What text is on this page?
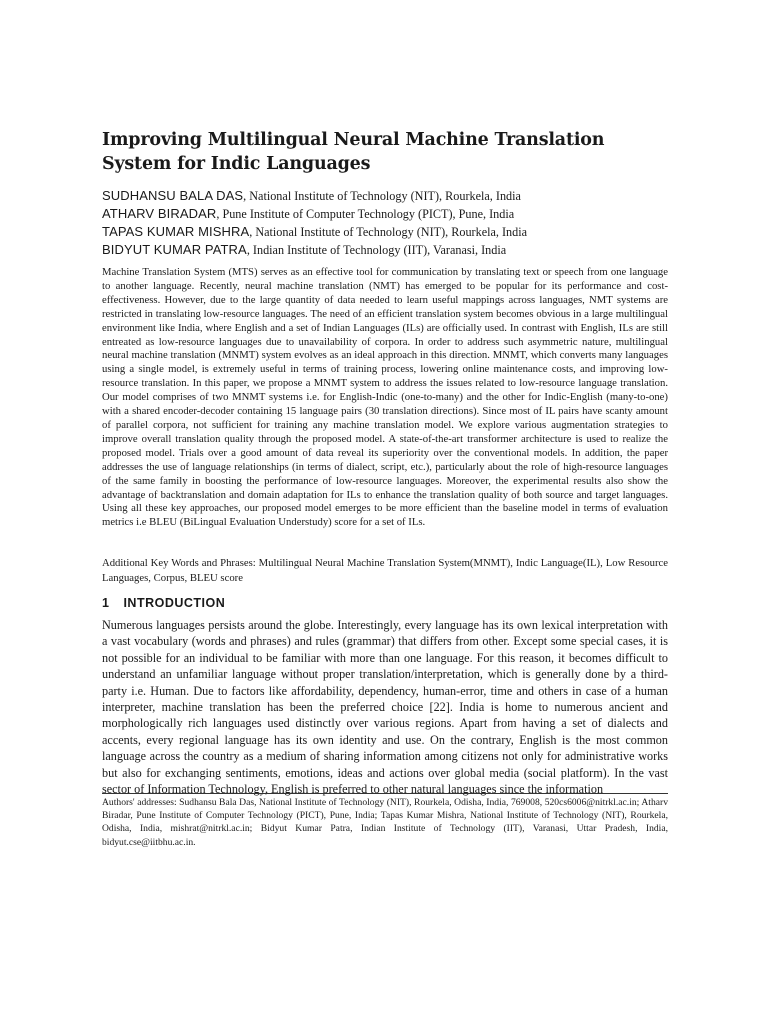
Improving Multilingual Neural Machine Translation System for Indic Languages
SUDHANSU BALA DAS, National Institute of Technology (NIT), Rourkela, India
ATHARV BIRADAR, Pune Institute of Computer Technology (PICT), Pune, India
TAPAS KUMAR MISHRA, National Institute of Technology (NIT), Rourkela, India
BIDYUT KUMAR PATRA, Indian Institute of Technology (IIT), Varanasi, India

Machine Translation System (MTS) serves as an effective tool for communication by translating text or speech from one language to another language. Recently, neural machine translation (NMT) has emerged to be popular for its performance and cost-effectiveness. However, due to the large quantity of data needed to learn useful mappings across languages, NMT systems are restricted in translating low-resource languages. The need of an efficient translation system becomes obvious in a large multilingual environment like India, where English and a set of Indian Languages (ILs) are officially used. In contrast with English, ILs are still entreated as low-resource languages due to unavailability of corpora. In order to address such asymmetric nature, multilingual neural machine translation (MNMT) system evolves as an ideal approach in this direction. MNMT, which converts many languages using a single model, is extremely useful in terms of training process, lowering online maintenance costs, and improving low-resource translation. In this paper, we propose a MNMT system to address the issues related to low-resource language translation. Our model comprises of two MNMT systems i.e. for English-Indic (one-to-many) and the other for Indic-English (many-to-one) with a shared encoder-decoder containing 15 language pairs (30 translation directions). Since most of IL pairs have scanty amount of parallel corpora, not sufficient for training any machine translation model. We explore various augmentation strategies to improve overall translation quality through the proposed model. A state-of-the-art transformer architecture is used to realize the proposed model. Trials over a good amount of data reveal its superiority over the conventional models. In addition, the paper addresses the use of language relationships (in terms of dialect, script, etc.), particularly about the role of high-resource languages of the same family in boosting the performance of low-resource languages. Moreover, the experimental results also show the advantage of backtranslation and domain adaptation for ILs to enhance the translation quality of both source and target languages. Using all these key approaches, our proposed model emerges to be more efficient than the baseline model in terms of evaluation metrics i.e BLEU (BiLingual Evaluation Understudy) score for a set of ILs.

Additional Key Words and Phrases: Multilingual Neural Machine Translation System(MNMT), Indic Language(IL), Low Resource Languages, Corpus, BLEU score

1 INTRODUCTION

Numerous languages persists around the globe. Interestingly, every language has its own lexical interpretation with a vast vocabulary (words and phrases) and rules (grammar) that differs from other. Except some special cases, it is not possible for an individual to be familiar with more than one language. For this reason, it becomes difficult to understand an unfamiliar language without proper translation/interpretation, which is generally done by a third-party i.e. Human. Due to factors like affordability, dependency, human-error, time and others in case of a human interpreter, machine translation has been the preferred choice [22]. India is home to numerous ancient and morphologically rich languages used distinctly over various regions. Apart from having a set of dialects and accents, every regional language has its own identity and use. On the contrary, English is the most common language across the country as a medium of sharing information among citizens not only for administrative works but also for exchanging sentiments, emotions, ideas and actions over global media (social platform). In the vast sector of Information Technology, English is preferred to other natural languages since the information

Authors' addresses: Sudhansu Bala Das, National Institute of Technology (NIT), Rourkela, Odisha, India, 769008, 520cs6006@nitrkl.ac.in; Atharv Biradar, Pune Institute of Computer Technology (PICT), Pune, India; Tapas Kumar Mishra, National Institute of Technology (NIT), Rourkela, Odisha, India, mishrat@nitrkl.ac.in; Bidyut Kumar Patra, Indian Institute of Technology (IIT), Varanasi, Uttar Pradesh, India, bidyut.cse@iitbhu.ac.in.
